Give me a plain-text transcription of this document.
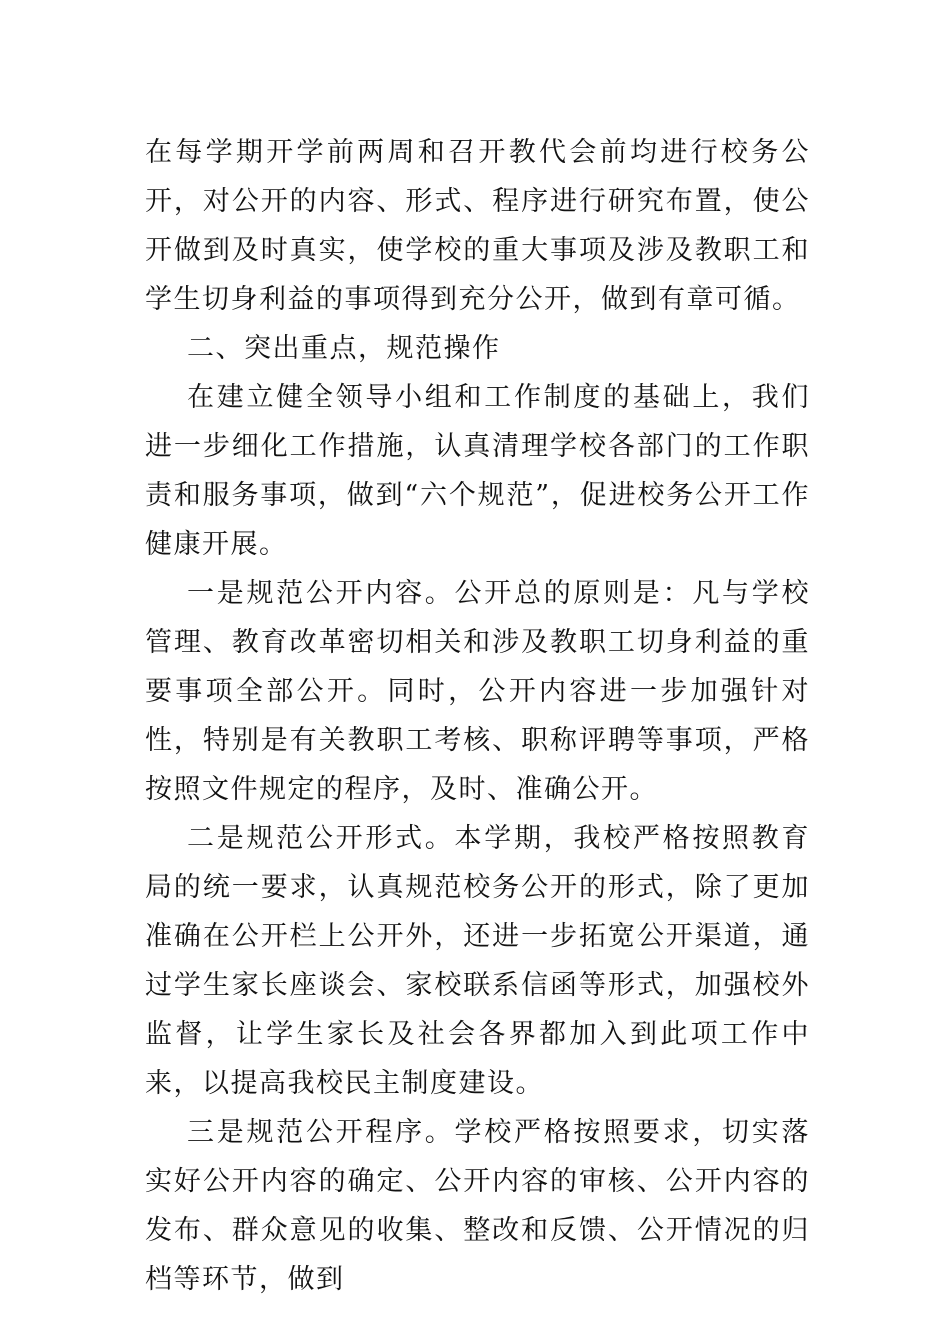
在每学期开学前两周和召开教代会前均进行校务公开，对公开的内容、形式、程序进行研究布置，使公开做到及时真实，使学校的重大事项及涉及教职工和学生切身利益的事项得到充分公开，做到有章可循。

二、突出重点，规范操作

在建立健全领导小组和工作制度的基础上，我们进一步细化工作措施，认真清理学校各部门的工作职责和服务事项，做到“六个规范”，促进校务公开工作健康开展。

一是规范公开内容。公开总的原则是：凡与学校管理、教育改革密切相关和涉及教职工切身利益的重要事项全部公开。同时，公开内容进一步加强针对性，特别是有关教职工考核、职称评聘等事项，严格按照文件规定的程序，及时、准确公开。

二是规范公开形式。本学期，我校严格按照教育局的统一要求，认真规范校务公开的形式，除了更加准确在公开栏上公开外，还进一步拓宽公开渠道，通过学生家长座谈会、家校联系信函等形式，加强校外监督，让学生家长及社会各界都加入到此项工作中来，以提高我校民主制度建设。

三是规范公开程序。学校严格按照要求，切实落实好公开内容的确定、公开内容的审核、公开内容的发布、群众意见的收集、整改和反馈、公开情况的归档等环节，做到
